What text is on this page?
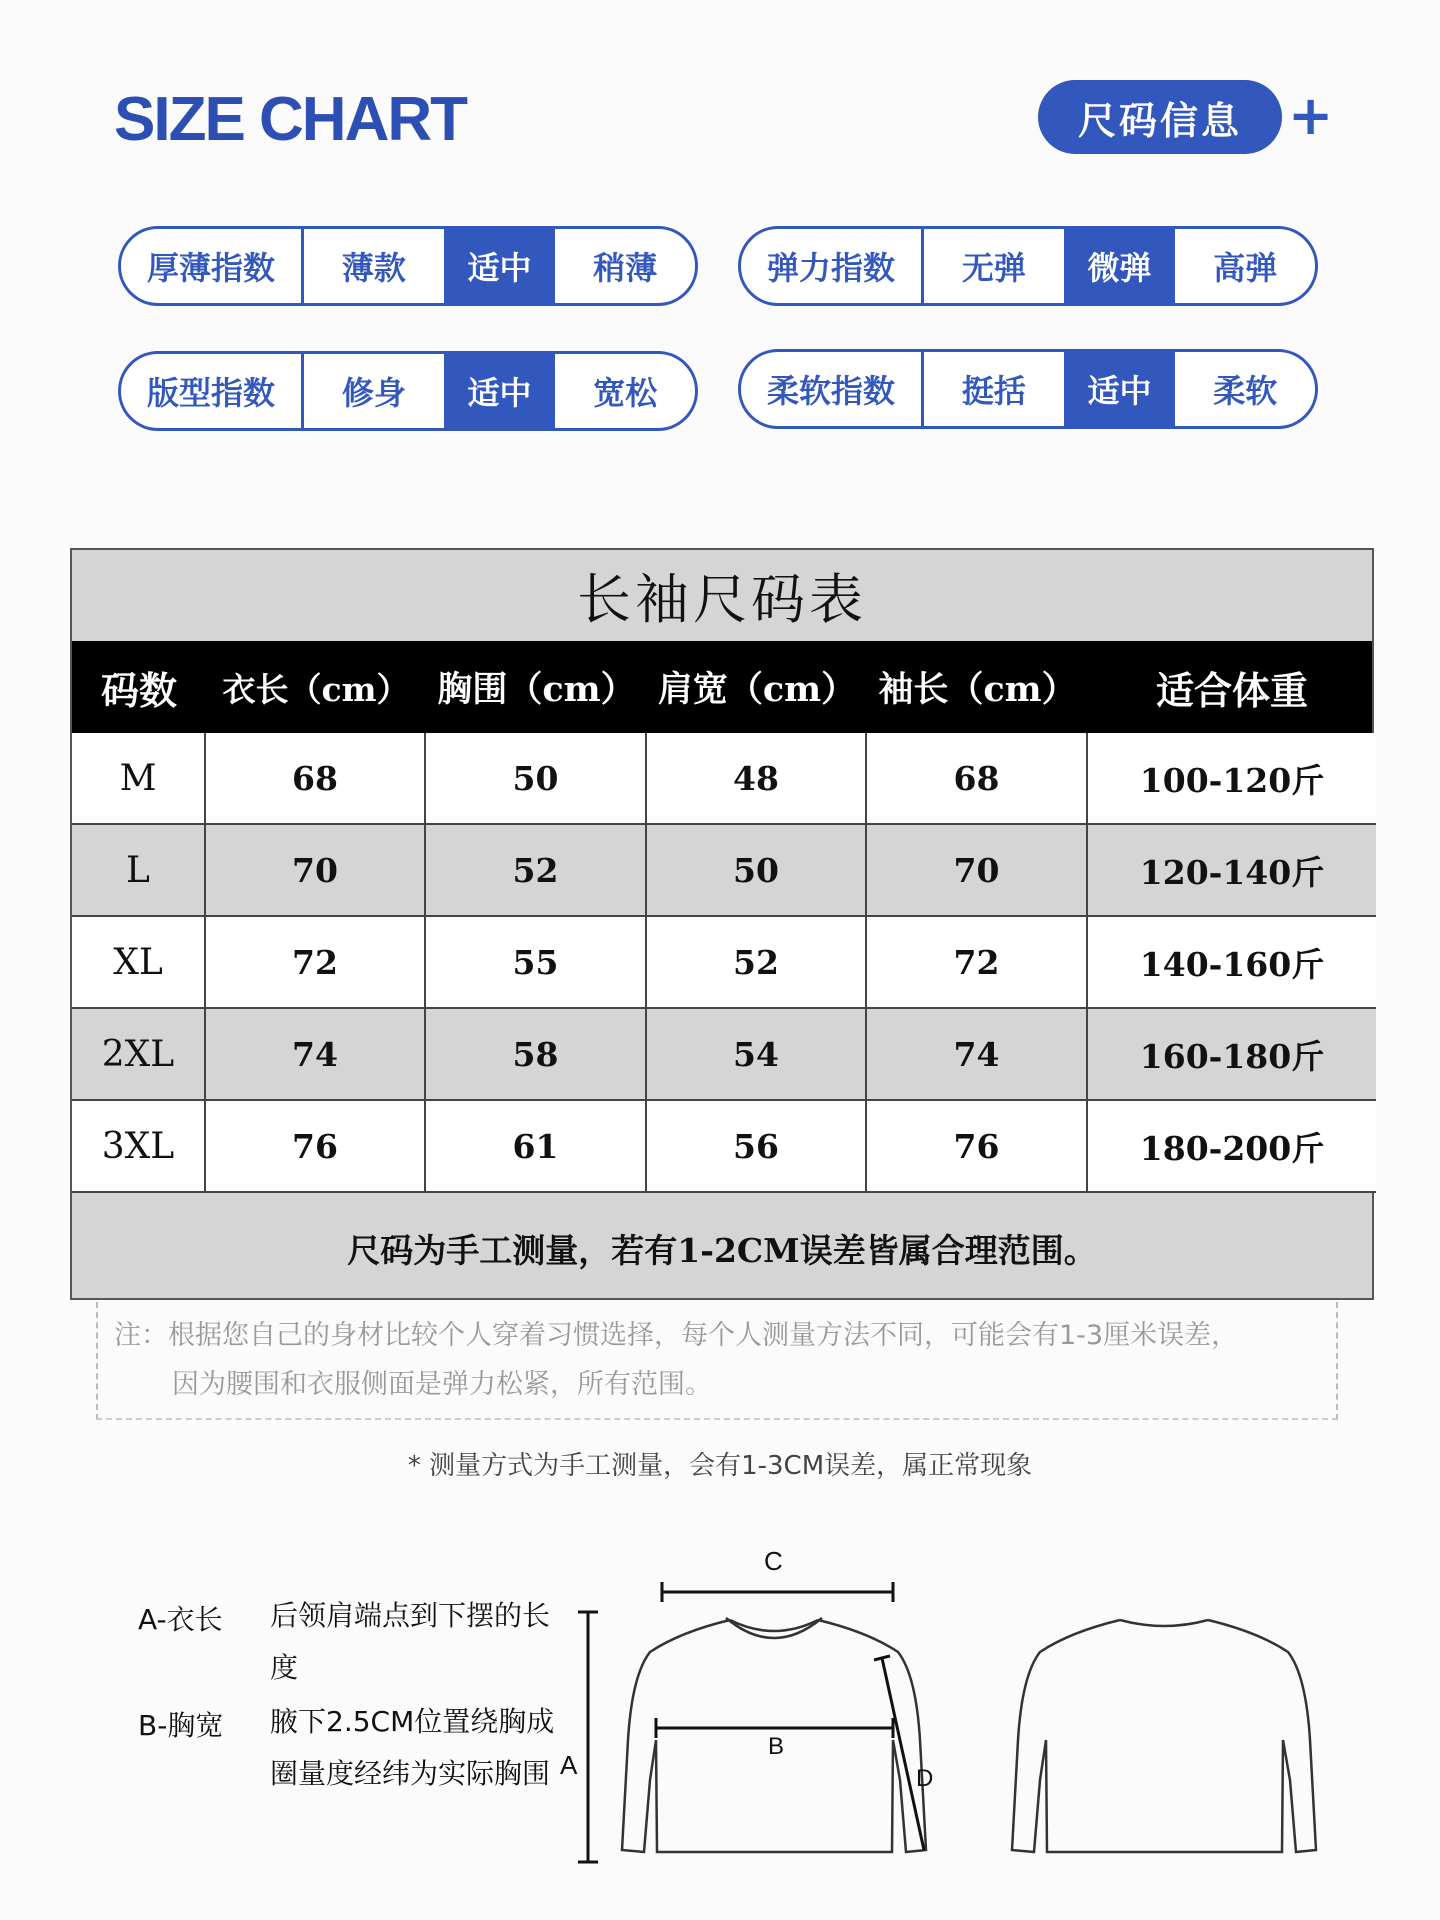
SIZE CHART	尺码信息 +
厚薄指数	薄款	适中	稍薄	弹力指数	无弹	微弹	高弹
版型指数	修身	适中	宽松	柔软指数	挺括	适中	柔软
长袖尺码表
码数	衣长（cm） 胸围（cm） 肩宽（cm） 袖长（cm）	适合体重
M	68	50	48	68	100-120斤
L	70	52	50	70	120-140斤
XL	72	55	52	72	140-160斤
2XL	74	58	54	74	160-180斤
3XL	76	61	56	76	180-200斤
尺码为手工测量，若有1-2CM误差皆属合理范围。
注：根据您自己的身材比较个人穿着习惯选择，每个人测量方法不同，可能会有1-3厘米误差，
因为腰围和衣服侧面是弹力松紧，所有范围。
* 测量方式为手工测量，会有1-3CM误差，属正常现象
A-衣长 后领肩端点到下摆的长度
B-胸宽 腋下2.5CM位置绕胸成圈量度经纬为实际胸围 A
C
B
D
